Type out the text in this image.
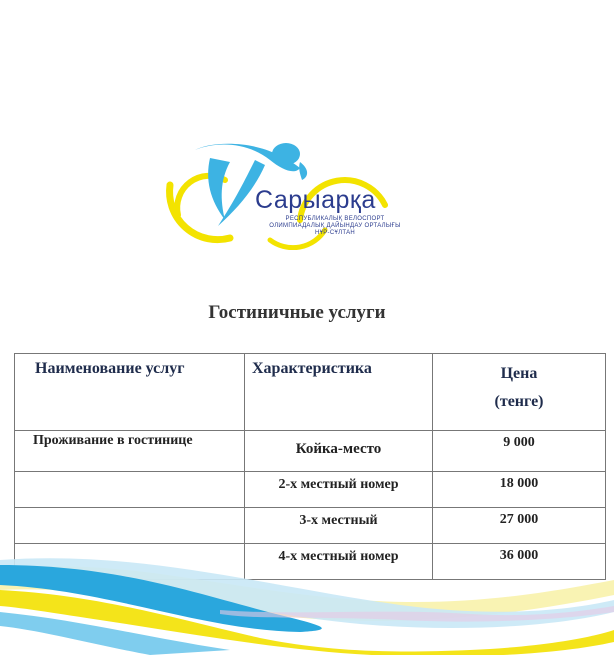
Сарыарқа
РЕСПУБЛИКАЛЫҚ ВЕЛОСПОРТ
ОЛИМПИАДАЛЫҚ ДАЙЫНДАУ ОРТАЛЫҒЫ
НҰР-СҰЛТАН
Гостиничные услуги
Наименование услуг	Характеристика	Цена
(тенге)

Проживание в гостинице	Койка-место	9 000
	2-х местный номер	18 000
	3-х местный	27 000
	4-х местный номер	36 000
